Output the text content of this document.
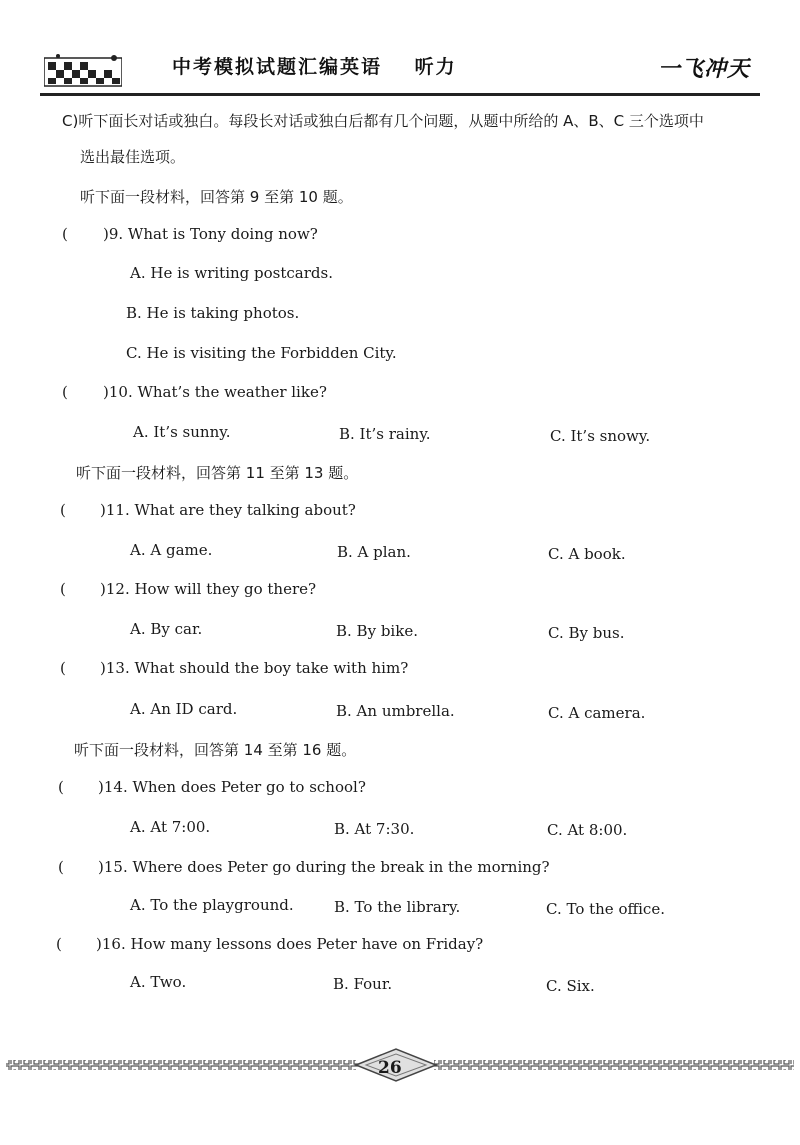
中考模拟试题汇编英语 听力	一飞冲天
C)听下面长对话或独白。每段长对话或独白后都有几个问题，从题中所给的 A、B、C 三个选项中
选出最佳选项。
听下面一段材料，回答第 9 至第 10 题。
( )9. What is Tony doing now?
A. He is writing postcards.
B. He is taking photos.
C. He is visiting the Forbidden City.
( )10. What’s the weather like?
A. It’s sunny.	B. It’s rainy.	C. It’s snowy.
听下面一段材料，回答第 11 至第 13 题。
( )11. What are they talking about?
A. A game.	B. A plan.	C. A book.
( )12. How will they go there?
A. By car.	B. By bike.	C. By bus.
( )13. What should the boy take with him?
A. An ID card.	B. An umbrella.	C. A camera.
听下面一段材料，回答第 14 至第 16 题。
( )14. When does Peter go to school?
A. At 7:00.	B. At 7:30.	C. At 8:00.
( )15. Where does Peter go during the break in the morning?
A. To the playground.	B. To the library.	C. To the office.
( )16. How many lessons does Peter have on Friday?
A. Two.	B. Four.	C. Six.
26
